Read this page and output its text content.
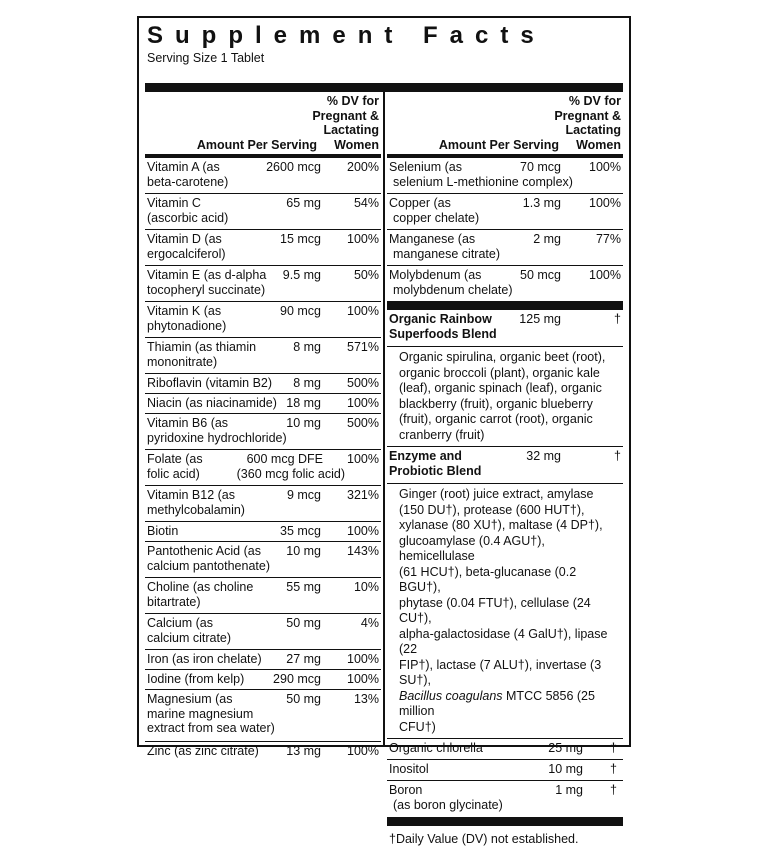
Supplement Facts
Serving Size 1 Tablet
% DV for
Pregnant &
Lactating
Women
Amount Per Serving
Vitamin A (as
beta-carotene)
2600 mcg 200%
Vitamin C
(ascorbic acid)
65 mg	54%
Vitamin D (as
ergocalciferol)
15 mcg 100%
Vitamin E (as d-alpha
tocopheryl succinate)
9.5 mg	50%
Vitamin K (as
phytonadione)
90 mcg 100%
Thiamin (as thiamin
mononitrate)
8 mg 571%
Riboflavin (vitamin B2) 8 mg 500%
Niacin (as niacinamide) 18 mg 100%
Vitamin B6 (as
pyridoxine hydrochloride)
10 mg 500%
Folate (as
folic acid)
600 mcg DFE
(360 mcg folic acid)
100%
Vitamin B12 (as
methylcobalamin)
9 mcg 321%
Biotin	35 mcg 100%
Pantothenic Acid (as
calcium pantothenate)
10 mg 143%
Choline (as choline
bitartrate)
55 mg	10%
Calcium (as
calcium citrate)
50 mg	4%
Iron (as iron chelate) 27 mg 100%
Iodine (from kelp) 290 mcg 100%
Magnesium (as
marine magnesium
extract from sea water)
50 mg	13%
Zinc (as zinc citrate) 13 mg 100%
% DV for
Pregnant &
Lactating
Women
Amount Per Serving
Selenium (as
selenium L-methionine complex)
70 mcg 100%
Copper (as
copper chelate)
1.3 mg 100%
Manganese (as
manganese citrate)
2 mg	77%
Molybdenum (as
molybdenum chelate)
50 mcg 100%
Organic Rainbow
Superfoods Blend
125 mg	†
Organic spirulina, organic beet (root),
organic broccoli (plant), organic kale
(leaf), organic spinach (leaf), organic
blackberry (fruit), organic blueberry
(fruit), organic carrot (root), organic
cranberry (fruit)
Enzyme and
Probiotic Blend
32 mg	†
Ginger (root) juice extract, amylase
(150 DU†), protease (600 HUT†),
xylanase (80 XU†), maltase (4 DP†),
glucoamylase (0.4 AGU†), hemicellulase
(61 HCU†), beta-glucanase (0.2 BGU†),
phytase (0.04 FTU†), cellulase (24 CU†),
alpha-galactosidase (4 GalU†), lipase (22
FIP†), lactase (7 ALU†), invertase (3 SU†),
Bacillus coagulans MTCC 5856 (25 million
CFU†)
Organic chlorella	25 mg †
Inositol	10 mg †
Boron
(as boron glycinate)
1 mg †
†Daily Value (DV) not established.
